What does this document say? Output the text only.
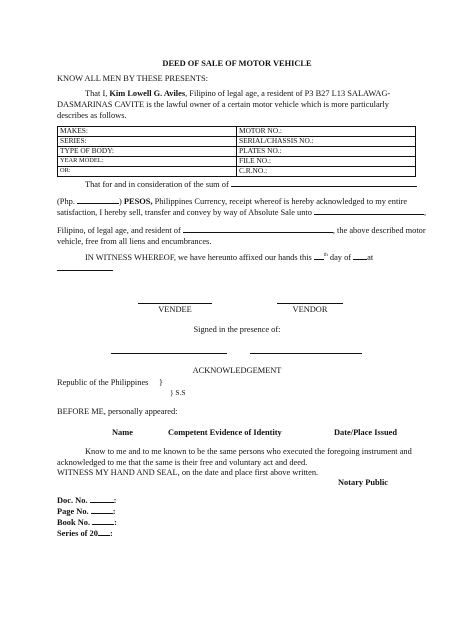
DEED OF SALE OF MOTOR VEHICLE
KNOW ALL MEN BY THESE PRESENTS:
That I, Kim Lowell G. Aviles, Filipino of legal age, a resident of P3 B27 L13 SALAWAG-
DASMARINAS CAVITE is the lawful owner of a certain motor vehicle which is more particularly
describes as follows.
MAKES:	MOTOR NO.:
SERIES:	SERIAL/CHASSIS NO.:
TYPE OF BODY:	PLATES NO.:
YEAR MODEL:	FILE NO.:
OR:	C.R.NO.:
That for and in consideration of the sum of
(Php.	) PESOS, Philippines Currency, receipt whereof is hereby acknowledged to my entire
satisfaction, I hereby sell, transfer and convey by way of Absolute Sale unto	,
Filipino, of legal age, and resident of	, the above described motor
vehicle, free from all liens and encumbrances.
IN WITNESS WHEREOF, we have hereunto affixed our hands this $^{th}$ day of at
VENDEE	VENDOR
Signed in the presence of:
ACKNOWLEDGEMENT
Republic of the Philippines }
} S.S
BEFORE ME, personally appeared:
Name	Competent Evidence of Identity	Date/Place Issued
Know to me and to me known to be the same persons who executed the foregoing instrument and
acknowledged to me that the same is their free and voluntary act and deed.
WITNESS MY HAND AND SEAL, on the date and place first above written.
Notary Public
Doc. No.	:
Page No.	:
Book No.	:
Series of 20 :
